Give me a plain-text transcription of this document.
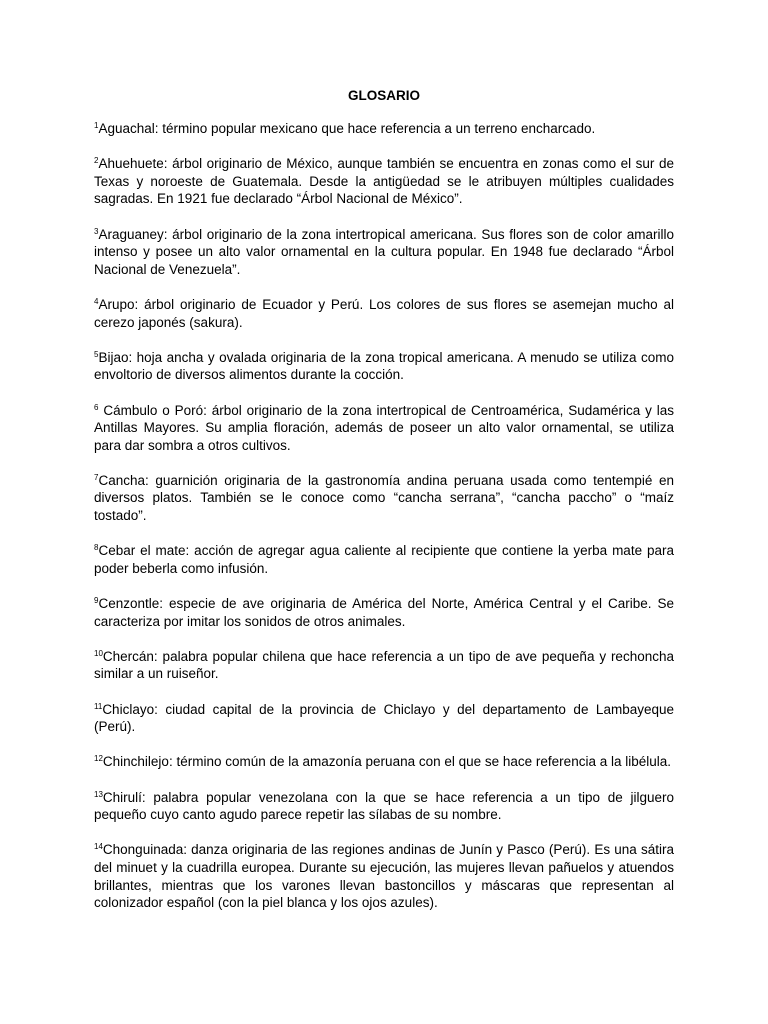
GLOSARIO

$^1$Aguachal: término popular mexicano que hace referencia a un terreno encharcado.

$^2$Ahuehuete: árbol originario de México, aunque también se encuentra en zonas como el sur de Texas y noroeste de Guatemala. Desde la antigüedad se le atribuyen múltiples cualidades sagradas. En 1921 fue declarado “Árbol Nacional de México”.

$^3$Araguaney: árbol originario de la zona intertropical americana. Sus flores son de color amarillo intenso y posee un alto valor ornamental en la cultura popular. En 1948 fue declarado “Árbol Nacional de Venezuela”.

$^4$Arupo: árbol originario de Ecuador y Perú. Los colores de sus flores se asemejan mucho al cerezo japonés (sakura).

$^5$Bijao: hoja ancha y ovalada originaria de la zona tropical americana. A menudo se utiliza como envoltorio de diversos alimentos durante la cocción.

$^6$ Cámbulo o Poró: árbol originario de la zona intertropical de Centroamérica, Sudamérica y las Antillas Mayores. Su amplia floración, además de poseer un alto valor ornamental, se utiliza para dar sombra a otros cultivos.

$^7$Cancha: guarnición originaria de la gastronomía andina peruana usada como tentempié en diversos platos. También se le conoce como “cancha serrana”, “cancha paccho” o “maíz tostado”.

$^8$Cebar el mate: acción de agregar agua caliente al recipiente que contiene la yerba mate para poder beberla como infusión.

$^9$Cenzontle: especie de ave originaria de América del Norte, América Central y el Caribe. Se caracteriza por imitar los sonidos de otros animales.

$^{10}$Chercán: palabra popular chilena que hace referencia a un tipo de ave pequeña y rechoncha similar a un ruiseñor.

$^{11}$Chiclayo: ciudad capital de la provincia de Chiclayo y del departamento de Lambayeque (Perú).

$^{12}$Chinchilejo: término común de la amazonía peruana con el que se hace referencia a la libélula.

$^{13}$Chirulí: palabra popular venezolana con la que se hace referencia a un tipo de jilguero pequeño cuyo canto agudo parece repetir las sílabas de su nombre.

$^{14}$Chonguinada: danza originaria de las regiones andinas de Junín y Pasco (Perú). Es una sátira del minuet y la cuadrilla europea. Durante su ejecución, las mujeres llevan pañuelos y atuendos brillantes, mientras que los varones llevan bastoncillos y máscaras que representan al colonizador español (con la piel blanca y los ojos azules).
